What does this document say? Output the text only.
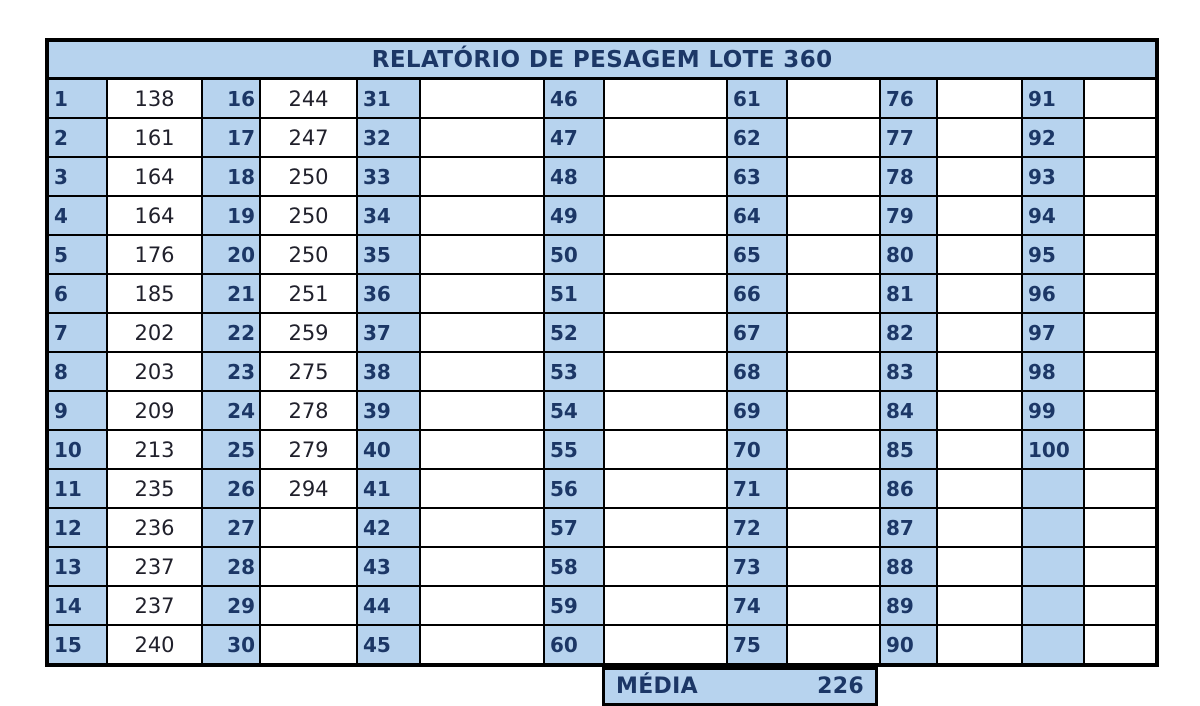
RELATÓRIO DE PESAGEM LOTE 360													
1	138	16	244	31		46		61		76		91	
2	161	17	247	32		47		62		77		92	
3	164	18	250	33		48		63		78		93	
4	164	19	250	34		49		64		79		94	
5	176	20	250	35		50		65		80		95	
6	185	21	251	36		51		66		81		96	
7	202	22	259	37		52		67		82		97	
8	203	23	275	38		53		68		83		98	
9	209	24	278	39		54		69		84		99	
10	213	25	279	40		55		70		85		100	
11	235	26	294	41		56		71		86			
12	236	27		42		57		72		87			
13	237	28		43		58		73		88			
14	237	29		44		59		74		89			
15	240	30		45		60		75		90			
MÉDIA	226
